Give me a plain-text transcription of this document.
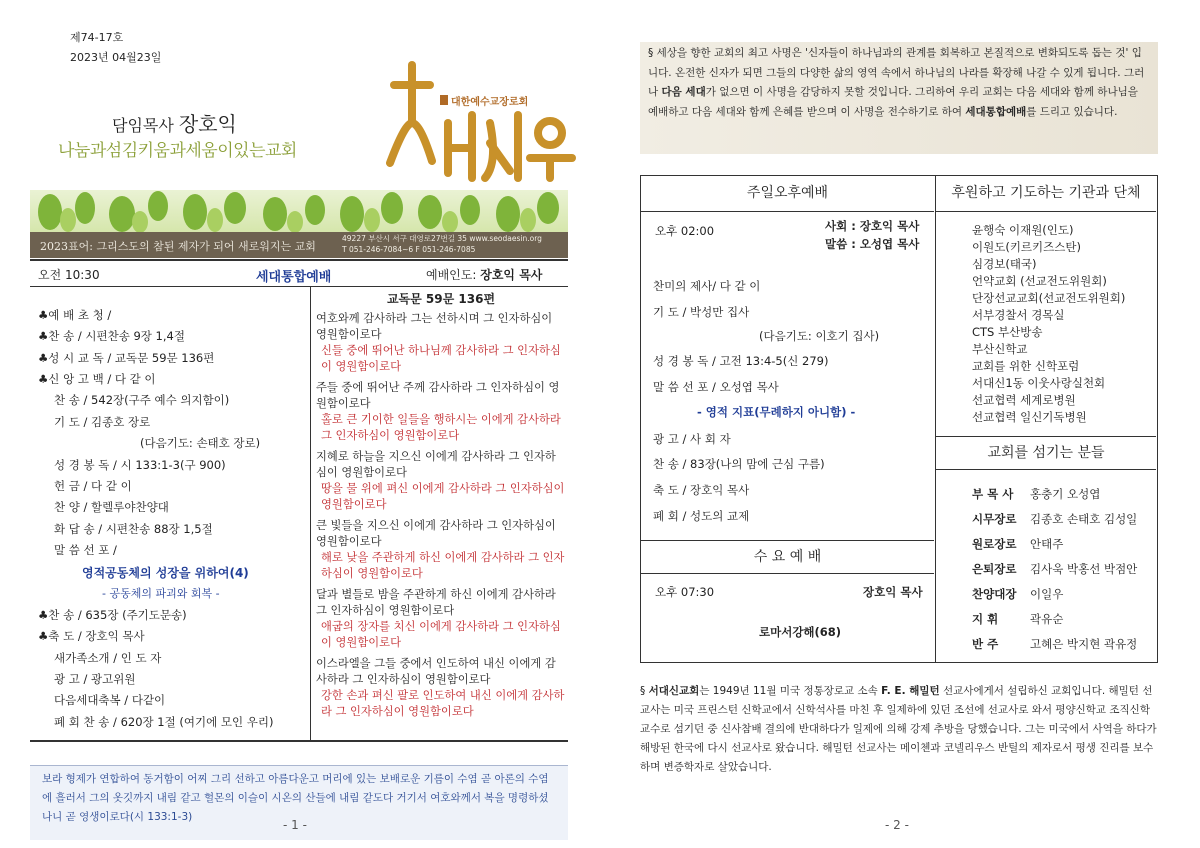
제74-17호
2023년 04월23일
담임목사 장호익
나눔과섬김키움과세움이있는교회
서대신교회
대한예수교장로회
2023표어: 그리스도의 참된 제자가 되어 새로워지는 교회
49227 부산시 서구 대영로27번길 35 www.seodaesin.org
T 051-246-7084~6 F 051-246-7085
오전 10:30	세대통합예배	예배인도: 장호익 목사
♣예 배 초 청 /
♣찬 송 / 시편찬송 9장 1,4절
♣성 시 교 독 / 교독문 59문 136편
♣신 앙 고 백 / 다 같 이
찬 송 / 542장(구주 예수 의지함이)
기 도 / 김종호 장로
(다음기도: 손태호 장로)
성 경 봉 독 / 시 133:1-3(구 900)
헌 금 / 다 같 이
찬 양 / 할렐루야찬양대
화 답 송 / 시편찬송 88장 1,5절
말 씀 선 포 /
영적공동체의 성장을 위하여(4)
- 공동체의 파괴와 회복 -
♣찬 송 / 635장 (주기도문송)
♣축 도 / 장호익 목사
새가족소개 / 인 도 자
광 고 / 광고위원
다음세대축복 / 다같이
폐 회 찬 송 / 620장 1절 (여기에 모인 우리)
교독문 59문 136편
여호와께 감사하라 그는 선하시며 그 인자하심이 영원함이로다
신들 중에 뛰어난 하나님께 감사하라 그 인자하심이 영원함이로다
주들 중에 뛰어난 주께 감사하라 그 인자하심이 영원함이로다
홀로 큰 기이한 일들을 행하시는 이에게 감사하라 그 인자하심이 영원함이로다
지혜로 하늘을 지으신 이에게 감사하라 그 인자하심이 영원함이로다
땅을 물 위에 펴신 이에게 감사하라 그 인자하심이 영원함이로다
큰 빛들을 지으신 이에게 감사하라 그 인자하심이 영원함이로다
해로 낮을 주관하게 하신 이에게 감사하라 그 인자하심이 영원함이로다
달과 별들로 밤을 주관하게 하신 이에게 감사하라 그 인자하심이 영원함이로다
애굽의 장자를 치신 이에게 감사하라 그 인자하심이 영원함이로다
이스라엘을 그들 중에서 인도하여 내신 이에게 감사하라 그 인자하심이 영원함이로다
강한 손과 펴신 팔로 인도하여 내신 이에게 감사하라 그 인자하심이 영원함이로다
보라 형제가 연합하여 동거함이 어찌 그리 선하고 아름다운고 머리에 있는 보배로운 기름이 수염 곧 아론의 수염에 흘러서 그의 옷깃까지 내림 같고 헐몬의 이슬이 시온의 산들에 내림 같도다 거기서 여호와께서 복을 명령하셨나니 곧 영생이로다(시 133:1-3)
- 1 -
§ 세상을 향한 교회의 최고 사명은 '신자들이 하나님과의 관계를 회복하고 본질적으로 변화되도록 돕는 것' 입니다. 온전한 신자가 되면 그들의 다양한 삶의 영역 속에서 하나님의 나라를 확장해 나갈 수 있게 됩니다. 그러나 다음 세대가 없으면 이 사명을 감당하지 못할 것입니다. 그리하여 우리 교회는 다음 세대와 함께 하나님을 예배하고 다음 세대와 함께 은혜를 받으며 이 사명을 전수하기로 하여 세대통합예배를 드리고 있습니다.
주일오후예배
오후 02:00	사회 : 장호익 목사
말씀 : 오성엽 목사
찬미의 제사/ 다 같 이
기 도 / 박성만 집사
(다음기도: 이호기 집사)
성 경 봉 독 / 고전 13:4-5(신 279)
말 씀 선 포 / 오성엽 목사
- 영적 지표(무례하지 아니함) -
광 고 / 사 회 자
찬 송 / 83장(나의 맘에 근심 구름)
축 도 / 장호익 목사
폐 회 / 성도의 교제
수 요 예 배
오후 07:30	장호익 목사
로마서강해(68)
후원하고 기도하는 기관과 단체
윤행숙 이재원(인도)
이원도(키르키즈스탄)
심경보(태국)
언약교회 (선교전도위원회)
단장선교교회(선교전도위원회)
서부경찰서 경목실
CTS 부산방송
부산신학교
교회를 위한 신학포럼
서대신1동 이웃사랑실천회
선교협력 세계로병원
선교협력 일신기독병원
교회를 섬기는 분들
부 목 사 홍충기 오성엽
시무장로 김종호 손태호 김성일
원로장로 안태주
은퇴장로 김사욱 박홍선 박점안
찬양대장 이일우
지 휘	곽유순
반 주	고혜은 박지현 곽유정
§ 서대신교회는 1949년 11월 미국 정통장로교 소속 F. E. 해밀턴 선교사에게서 설립하신 교회입니다. 해밀턴 선교사는 미국 프린스턴 신학교에서 신학석사를 마친 후 일제하에 있던 조선에 선교사로 와서 평양신학교 조직신학 교수로 섬기던 중 신사참배 결의에 반대하다가 일제에 의해 강제 추방을 당했습니다. 그는 미국에서 사역을 하다가 해방된 한국에 다시 선교사로 왔습니다. 해밀턴 선교사는 메이첸과 코넬리우스 반틸의 제자로서 평생 진리를 보수하며 변증학자로 살았습니다.
- 2 -
